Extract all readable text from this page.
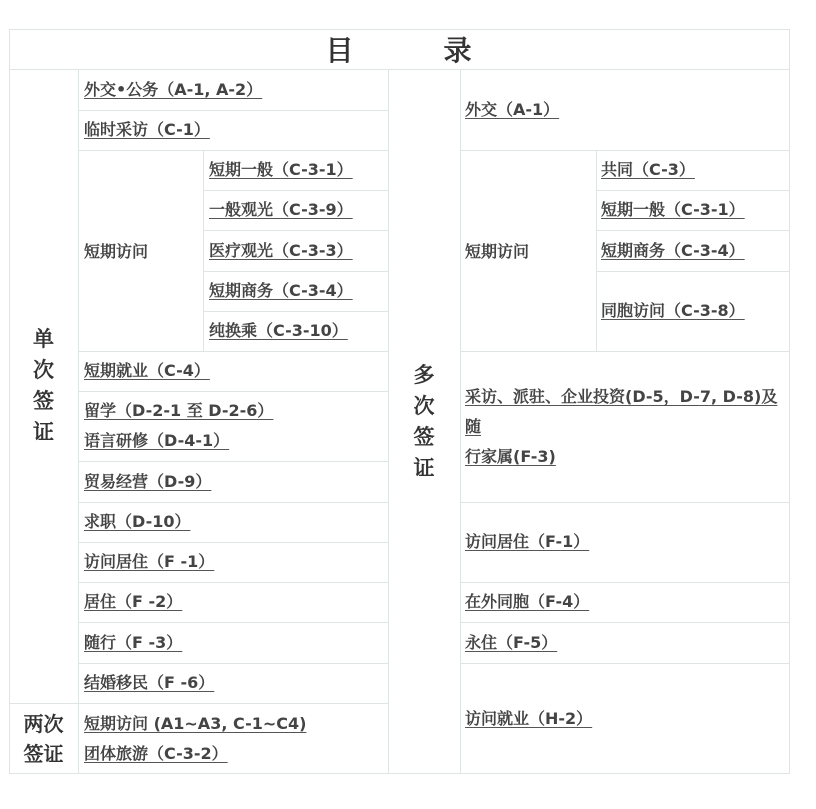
目	录
单
次
签
证
两次
签证
多
次
签
证
外交•公务（A-1, A-2）
临时采访（C-1）
短期访问
短期一般（C-3-1）
一般观光（C-3-9）
医疗观光（C-3-3）
短期商务（C-3-4）
纯换乘（C-3-10）
短期就业（C-4）
留学（D-2-1 至 D-2-6）
语言研修（D-4-1）
贸易经营（D-9）
求职（D-10）
访问居住（F -1）
居住（F -2）
随行（F -3）
结婚移民（F -6）
短期访问 (A1~A3, C-1~C4)
团体旅游（C-3-2）
外交（A-1）
短期访问
共同（C-3）
短期一般（C-3-1）
短期商务（C-3-4）
同胞访问（C-3-8）
采访、派驻、企业投资(D-5，D-7, D-8)及随
行家属(F-3)
访问居住（F-1）
在外同胞（F-4）
永住（F-5）
访问就业（H-2）
